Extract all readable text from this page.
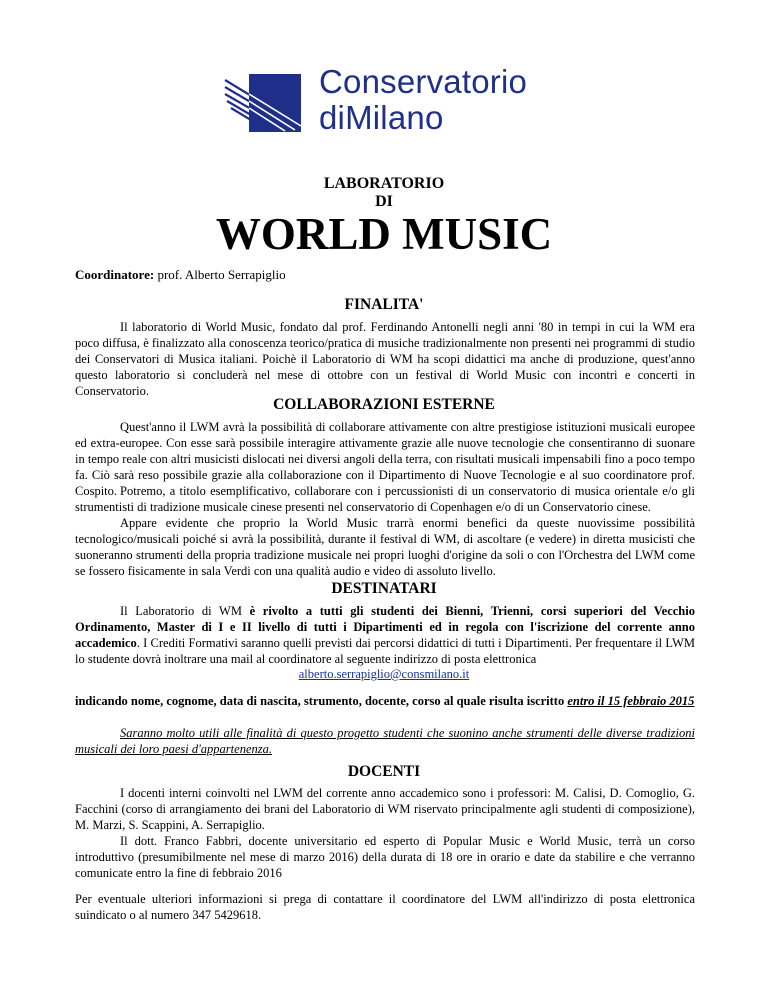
Conservatorio
diMilano
LABORATORIO
DI
WORLD MUSIC
Coordinatore: prof. Alberto Serrapiglio
FINALITA'
Il laboratorio di World Music, fondato dal prof. Ferdinando Antonelli negli anni '80 in tempi in cui la WM era poco diffusa, è finalizzato alla conoscenza teorico/pratica di musiche tradizionalmente non presenti nei programmi di studio dei Conservatori di Musica italiani. Poichè il Laboratorio di WM ha scopi didattici ma anche di produzione, quest'anno questo laboratorio si concluderà nel mese di ottobre con un festival di World Music con incontri e concerti in Conservatorio.
COLLABORAZIONI ESTERNE
Quest'anno il LWM avrà la possibilità di collaborare attivamente con altre prestigiose istituzioni musicali europee ed extra-europee. Con esse sarà possibile interagire attivamente grazie alle nuove tecnologie che consentiranno di suonare in tempo reale con altri musicisti dislocati nei diversi angoli della terra, con risultati musicali impensabili fino a poco tempo fa. Ciò sarà reso possibile grazie alla collaborazione con il Dipartimento di Nuove Tecnologie e al suo coordinatore prof. Cospito. Potremo, a titolo esemplificativo, collaborare con i percussionisti di un conservatorio di musica orientale e/o gli strumentisti di tradizione musicale cinese presenti nel conservatorio di Copenhagen e/o di un Conservatorio cinese.
Appare evidente che proprio la World Music trarrà enormi benefici da queste nuovissime possibilità tecnologico/musicali poiché si avrà la possibilità, durante il festival di WM, di ascoltare (e vedere) in diretta musicisti che suoneranno strumenti della propria tradizione musicale nei propri luoghi d'origine da soli o con l'Orchestra del LWM come se fossero fisicamente in sala Verdi con una qualità audio e video di assoluto livello.
DESTINATARI
Il Laboratorio di WM è rivolto a tutti gli studenti dei Bienni, Trienni, corsi superiori del Vecchio Ordinamento, Master di I e II livello di tutti i Dipartimenti ed in regola con l'iscrizione del corrente anno accademico. I Crediti Formativi saranno quelli previsti dai percorsi didattici di tutti i Dipartimenti. Per frequentare il LWM lo studente dovrà inoltrare una mail al coordinatore al seguente indirizzo di posta elettronica
alberto.serrapiglio@consmilano.it
indicando nome, cognome, data di nascita, strumento, docente, corso al quale risulta iscritto entro il 15 febbraio 2015
Saranno molto utili alle finalità di questo progetto studenti che suonino anche strumenti delle diverse tradizioni musicali dei loro paesi d'appartenenza.
DOCENTI
I docenti interni coinvolti nel LWM del corrente anno accademico sono i professori: M. Calisi, D. Comoglio, G. Facchini (corso di arrangiamento dei brani del Laboratorio di WM riservato principalmente agli studenti di composizione), M. Marzi, S. Scappini, A. Serrapiglio.
Il dott. Franco Fabbri, docente universitario ed esperto di Popular Music e World Music, terrà un corso introduttivo (presumibilmente nel mese di marzo 2016) della durata di 18 ore in orario e date da stabilire e che verranno comunicate entro la fine di febbraio 2016
Per eventuale ulteriori informazioni si prega di contattare il coordinatore del LWM all'indirizzo di posta elettronica suindicato o al numero 347 5429618.
